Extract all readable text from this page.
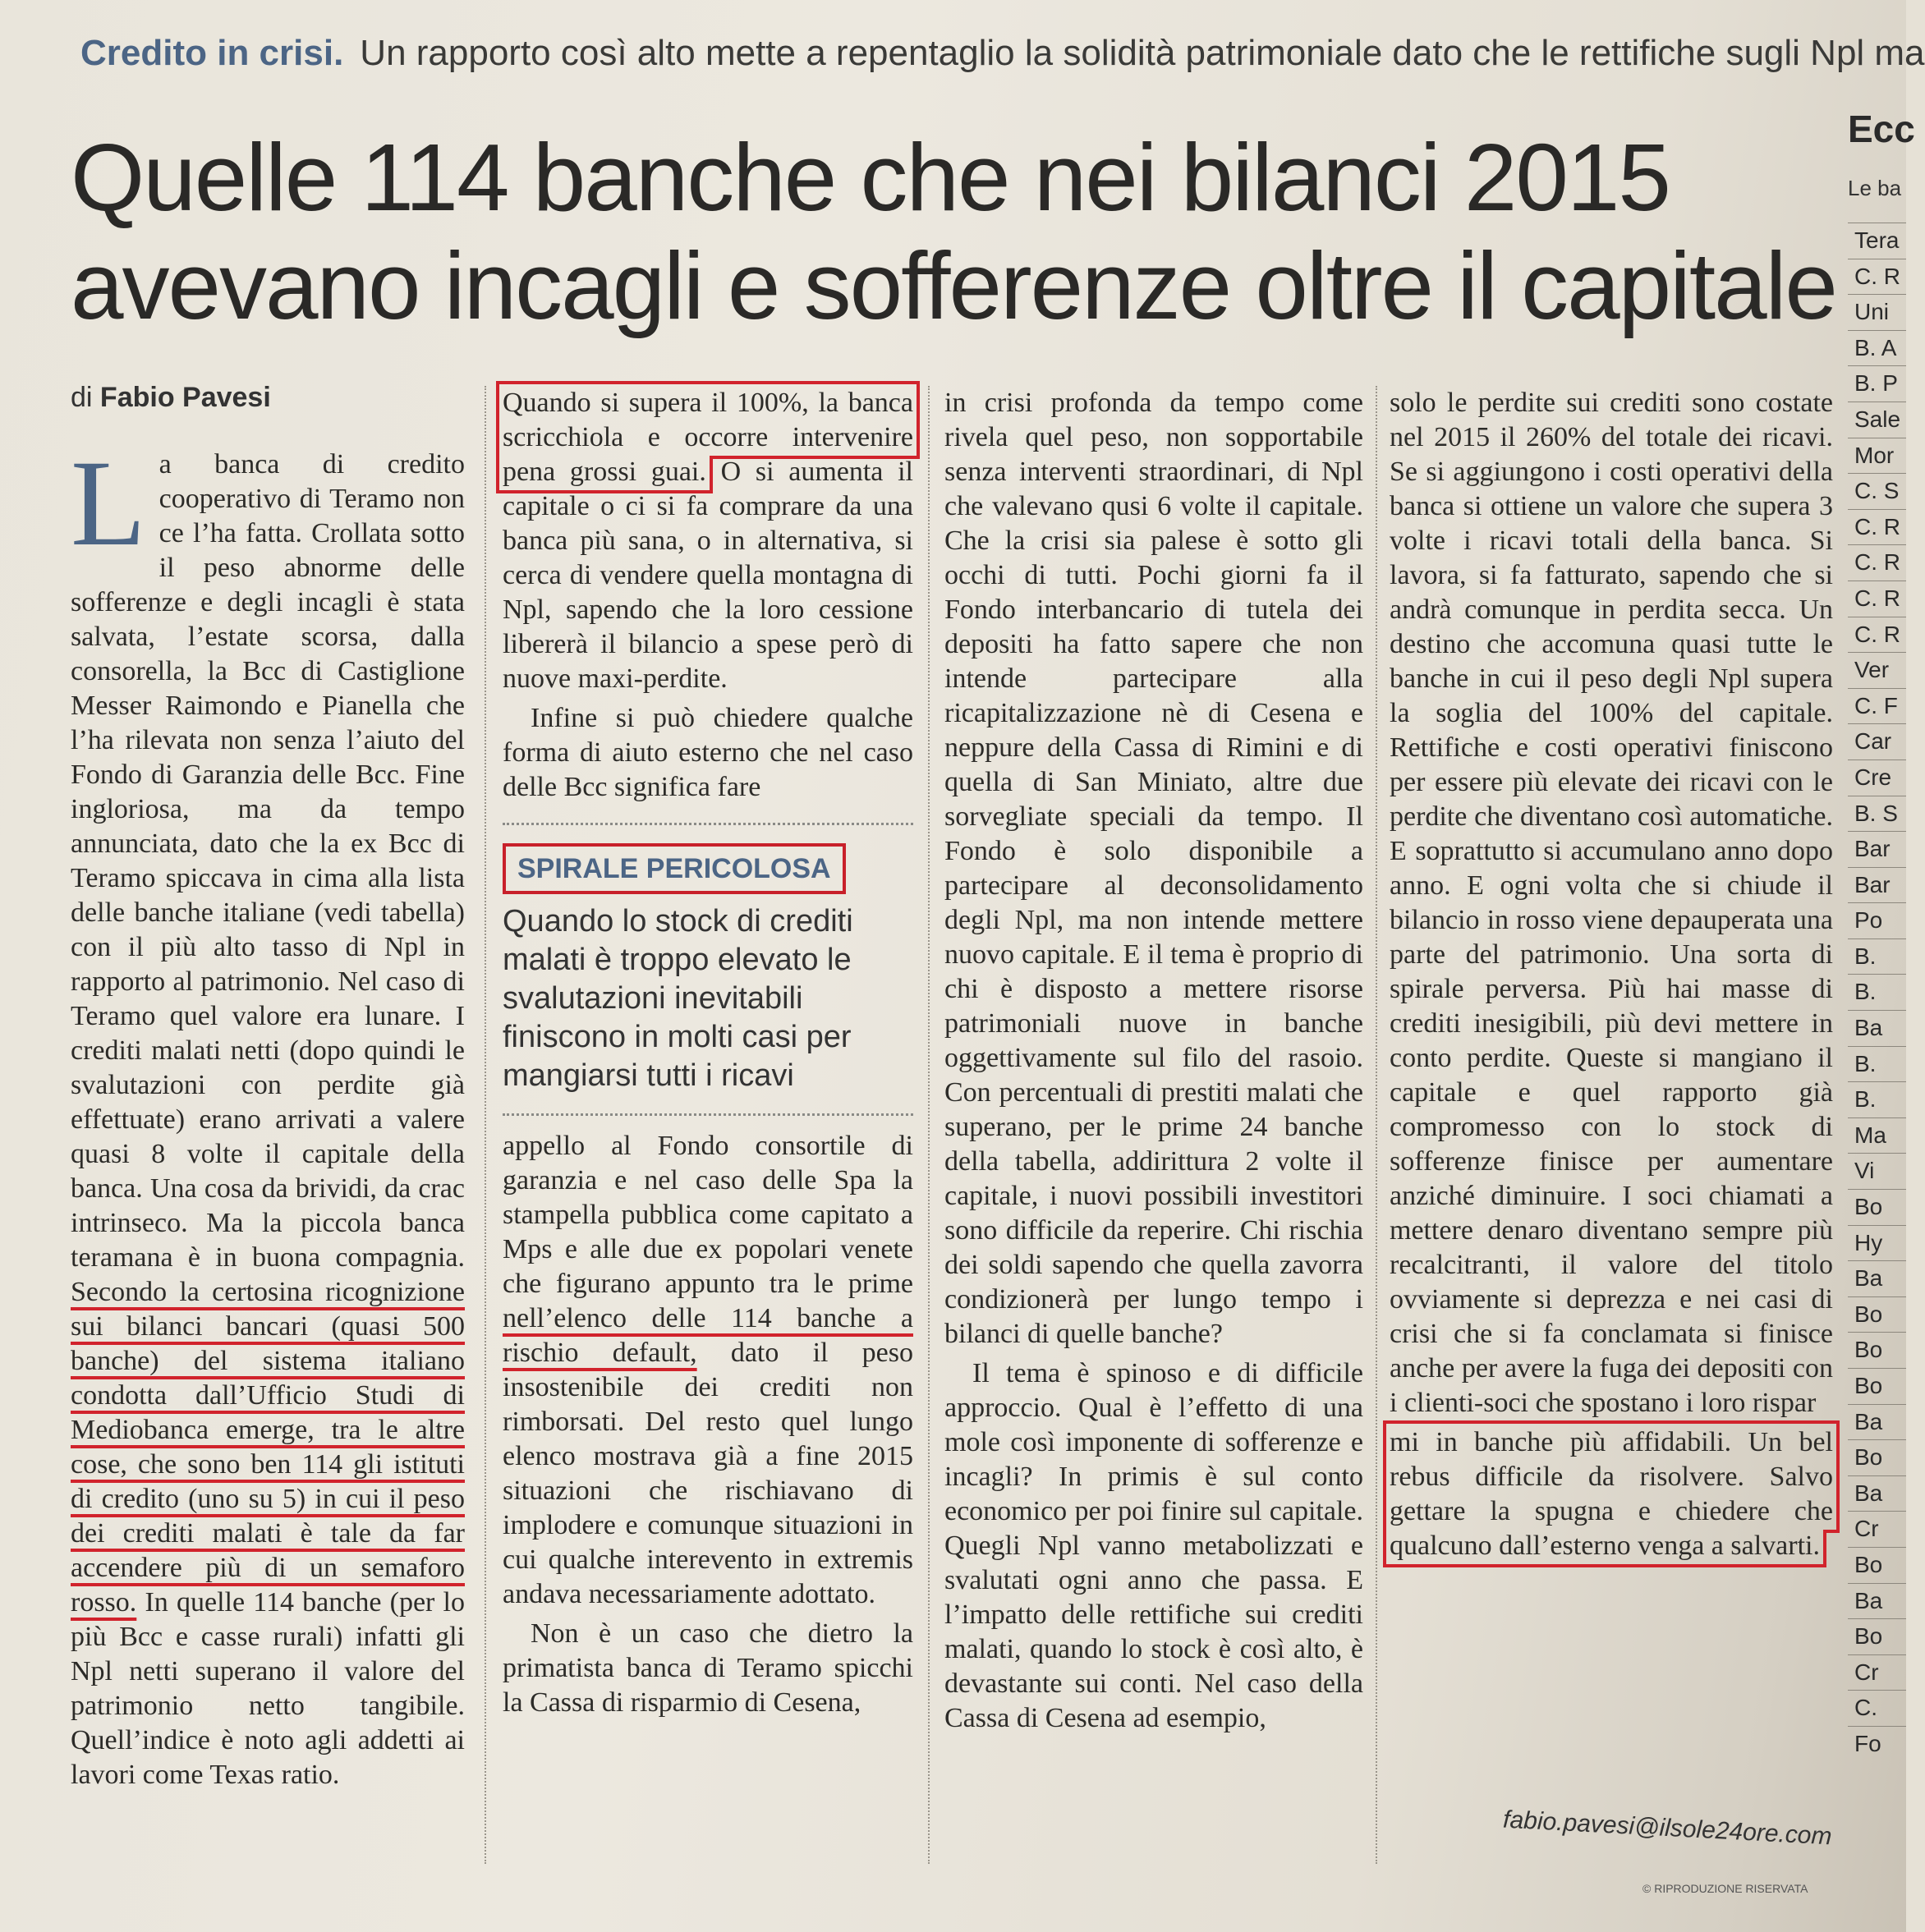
Credito in crisi. Un rapporto così alto mette a repentaglio la solidità patrimoniale dato che le rettifiche sugli Npl ma
Quelle 114 banche che nei bilanci 2015
avevano incagli e sofferenze oltre il capitale
di Fabio Pavesi

La banca di credito cooperativo di Teramo non ce l’ha fatta. Crollata sotto il peso abnorme delle sofferenze e degli incagli è stata salvata, l’estate scorsa, dalla consorella, la Bcc di Castiglione Messer Raimondo e Pianella che l’ha rilevata non senza l’aiuto del Fondo di Garanzia delle Bcc. Fine ingloriosa, ma da tempo annunciata, dato che la ex Bcc di Teramo spiccava in cima alla lista delle banche italiane (vedi tabella) con il più alto tasso di Npl in rapporto al patrimonio. Nel caso di Teramo quel valore era lunare. I crediti malati netti (dopo quindi le svalutazioni con perdite già effettuate) erano arrivati a valere quasi 8 volte il capitale della banca. Una cosa da brividi, da crac intrinseco. Ma la piccola banca teramana è in buona compagnia. Secondo la certosina ricognizione sui bilanci bancari (quasi 500 banche) del sistema italiano condotta dall’Ufficio Studi di Mediobanca emerge, tra le altre cose, che sono ben 114 gli istituti di credito (uno su 5) in cui il peso dei crediti malati è tale da far accendere più di un semaforo rosso. In quelle 114 banche (per lo più Bcc e casse rurali) infatti gli Npl netti superano il valore del patrimonio netto tangibile. Quell’indice è noto agli addetti ai lavori come Texas ratio.

Quando si supera il 100%, la banca scricchiola e occorre intervenire pena grossi guai. O si aumenta il capitale o ci si fa comprare da una banca più sana, o in alternativa, si cerca di vendere quella montagna di Npl, sapendo che la loro cessione libererà il bilancio a spese però di nuove maxi-perdite.

Infine si può chiedere qualche forma di aiuto esterno che nel caso delle Bcc significa fare

SPIRALE PERICOLOSA
Quando lo stock di crediti malati è troppo elevato le svalutazioni inevitabili finiscono in molti casi per mangiarsi tutti i ricavi

appello al Fondo consortile di garanzia e nel caso delle Spa la stampella pubblica come capitato a Mps e alle due ex popolari venete che figurano appunto tra le prime nell’elenco delle 114 banche a rischio default, dato il peso insostenibile dei crediti non rimborsati. Del resto quel lungo elenco mostrava già a fine 2015 situazioni che rischiavano di implodere e comunque situazioni in cui qualche interevento in extremis andava necessariamente adottato.

Non è un caso che dietro la primatista banca di Teramo spicchi la Cassa di risparmio di Cesena,

in crisi profonda da tempo come rivela quel peso, non sopportabile senza interventi straordinari, di Npl che valevano qusi 6 volte il capitale. Che la crisi sia palese è sotto gli occhi di tutti. Pochi giorni fa il Fondo interbancario di tutela dei depositi ha fatto sapere che non intende partecipare alla ricapitalizzazione nè di Cesena e neppure della Cassa di Rimini e di quella di San Miniato, altre due sorvegliate speciali da tempo. Il Fondo è solo disponibile a partecipare al deconsolidamento degli Npl, ma non intende mettere nuovo capitale. E il tema è proprio di chi è disposto a mettere risorse patrimoniali nuove in banche oggettivamente sul filo del rasoio. Con percentuali di prestiti malati che superano, per le prime 24 banche della tabella, addirittura 2 volte il capitale, i nuovi possibili investitori sono difficile da reperire. Chi rischia dei soldi sapendo che quella zavorra condizionerà per lungo tempo i bilanci di quelle banche?

Il tema è spinoso e di difficile approccio. Qual è l’effetto di una mole così imponente di sofferenze e incagli? In primis è sul conto economico per poi finire sul capitale. Quegli Npl vanno metabolizzati e svalutati ogni anno che passa. E l’impatto delle rettifiche sui crediti malati, quando lo stock è così alto, è devastante sui conti. Nel caso della Cassa di Cesena ad esempio,

solo le perdite sui crediti sono costate nel 2015 il 260% del totale dei ricavi. Se si aggiungono i costi operativi della banca si ottiene un valore che supera 3 volte i ricavi totali della banca. Si lavora, si fa fatturato, sapendo che si andrà comunque in perdita secca. Un destino che accomuna quasi tutte le banche in cui il peso degli Npl supera la soglia del 100% del capitale. Rettifiche e costi operativi finiscono per essere più elevate dei ricavi con le perdite che diventano così automatiche. E soprattutto si accumulano anno dopo anno. E ogni volta che si chiude il bilancio in rosso viene depauperata una parte del patrimonio. Una sorta di spirale perversa. Più hai masse di crediti inesigibili, più devi mettere in conto perdite. Queste si mangiano il capitale e quel rapporto già compromesso con lo stock di sofferenze finisce per aumentare anziché diminuire. I soci chiamati a mettere denaro diventano sempre più recalcitranti, il valore del titolo ovviamente si deprezza e nei casi di crisi che si fa conclamata si finisce anche per avere la fuga dei depositi con i clienti-soci che spostano i loro rispar

mi in banche più affidabili. Un bel rebus difficile da risolvere. Salvo gettare la spugna e chiedere che qualcuno dall’esterno venga a salvarti.

fabio.pavesi@ilsole24ore.com
© RIPRODUZIONE RISERVATA
Ecc
Le ba
Tera
C. R
Uni
B. A
B. P
Sale
Mor
C. S
C. R
C. R
C. R
C. R
Ver
C. F
Car
Cre
B. S
Bar
Bar
Po
B.
B.
Ba
B.
B.
Ma
Vi
Bo
Hy
Ba
Bo
Bo
Bo
Ba
Bo
Ba
Cr
Bo
Ba
Bo
Cr
C.
Fo
